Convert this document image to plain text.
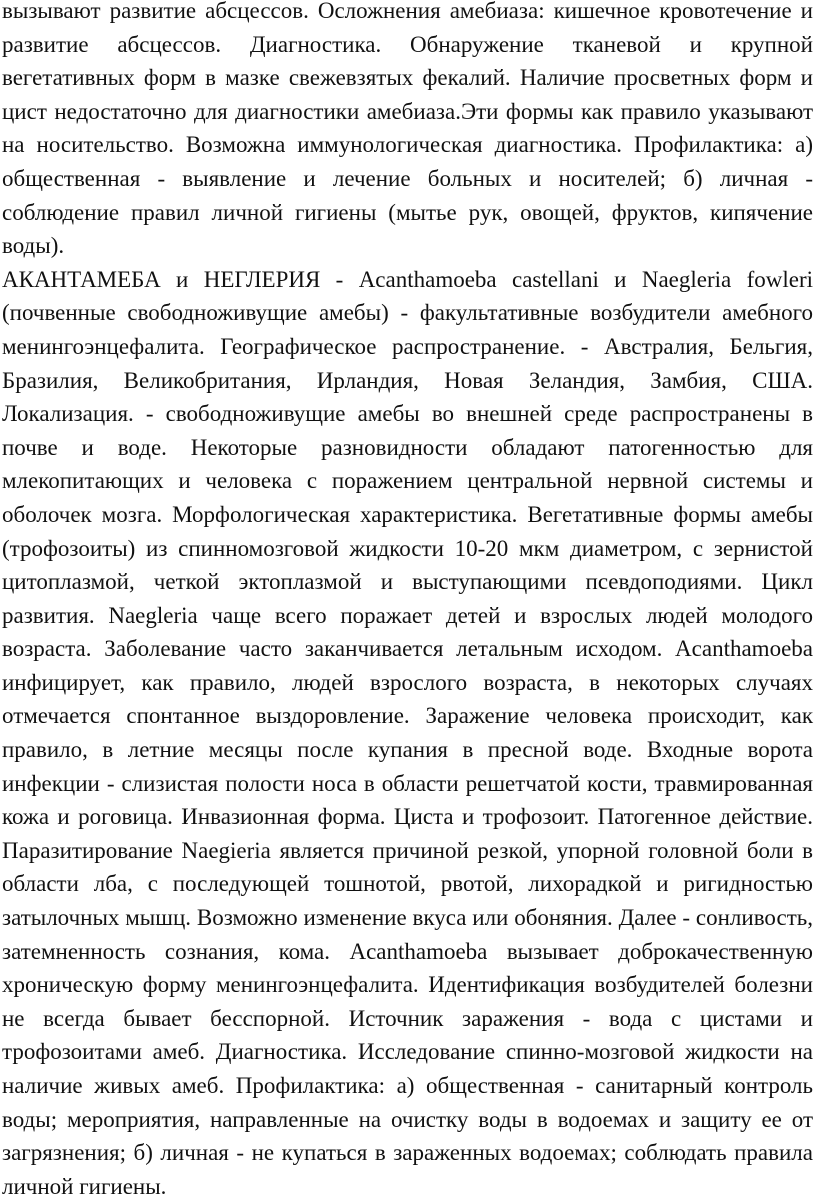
вызывают развитие абсцессов. Осложнения амебиаза: кишечное кровотечение и развитие абсцессов. Диагностика. Обнаружение тканевой и крупной вегетативных форм в мазке свежевзятых фекалий. Наличие просветных форм и цист недостаточно для диагностики амебиаза.Эти формы как правило указывают на носительство. Возможна иммунологическая диагностика. Профилактика: а) общественная - выявление и лечение больных и носителей; б) личная - соблюдение правил личной гигиены (мытье рук, овощей, фруктов, кипячение воды).

АКАНТАМЕБА и НЕГЛЕРИЯ - Acanthamoeba castellani и Naegleria fowleri (почвенные свободноживущие амебы) - факультативные возбудители амебного менингоэнцефалита. Географическое распространение. - Австралия, Бельгия, Бразилия, Великобритания, Ирландия, Новая Зеландия, Замбия, США. Локализация. - свободноживущие амебы во внешней среде распространены в почве и воде. Некоторые разновидности обладают патогенностью для млекопитающих и человека с поражением центральной нервной системы и оболочек мозга. Морфологическая характеристика. Вегетативные формы амебы (трофозоиты) из спинномозговой жидкости 10-20 мкм диаметром, с зернистой цитоплазмой, четкой эктоплазмой и выступающими псевдоподиями. Цикл развития. Naegleria чаще всего поражает детей и взрослых людей молодого возраста. Заболевание часто заканчивается летальным исходом. Acanthamoeba инфицирует, как правило, людей взрослого возраста, в некоторых случаях отмечается спонтанное выздоровление. Заражение человека происходит, как правило, в летние месяцы после купания в пресной воде. Входные ворота инфекции - слизистая полости носа в области решетчатой кости, травмированная кожа и роговица. Инвазионная форма. Циста и трофозоит. Патогенное действие. Паразитирование Naegieria является причиной резкой, упорной головной боли в области лба, с последующей тошнотой, рвотой, лихорадкой и ригидностью затылочных мышц. Возможно изменение вкуса или обоняния. Далее - сонливость, затемненность сознания, кома. Acanthamoeba вызывает доброкачественную хроническую форму менингоэнцефалита. Идентификация возбудителей болезни не всегда бывает бесспорной. Источник заражения - вода с цистами и трофозоитами амеб. Диагностика. Исследование спинно-мозговой жидкости на наличие живых амеб. Профилактика: а) общественная - санитарный контроль воды; мероприятия, направленные на очистку воды в водоемах и защиту ее от загрязнения; б) личная - не купаться в зараженных водоемах; соблюдать правила личной гигиены.
